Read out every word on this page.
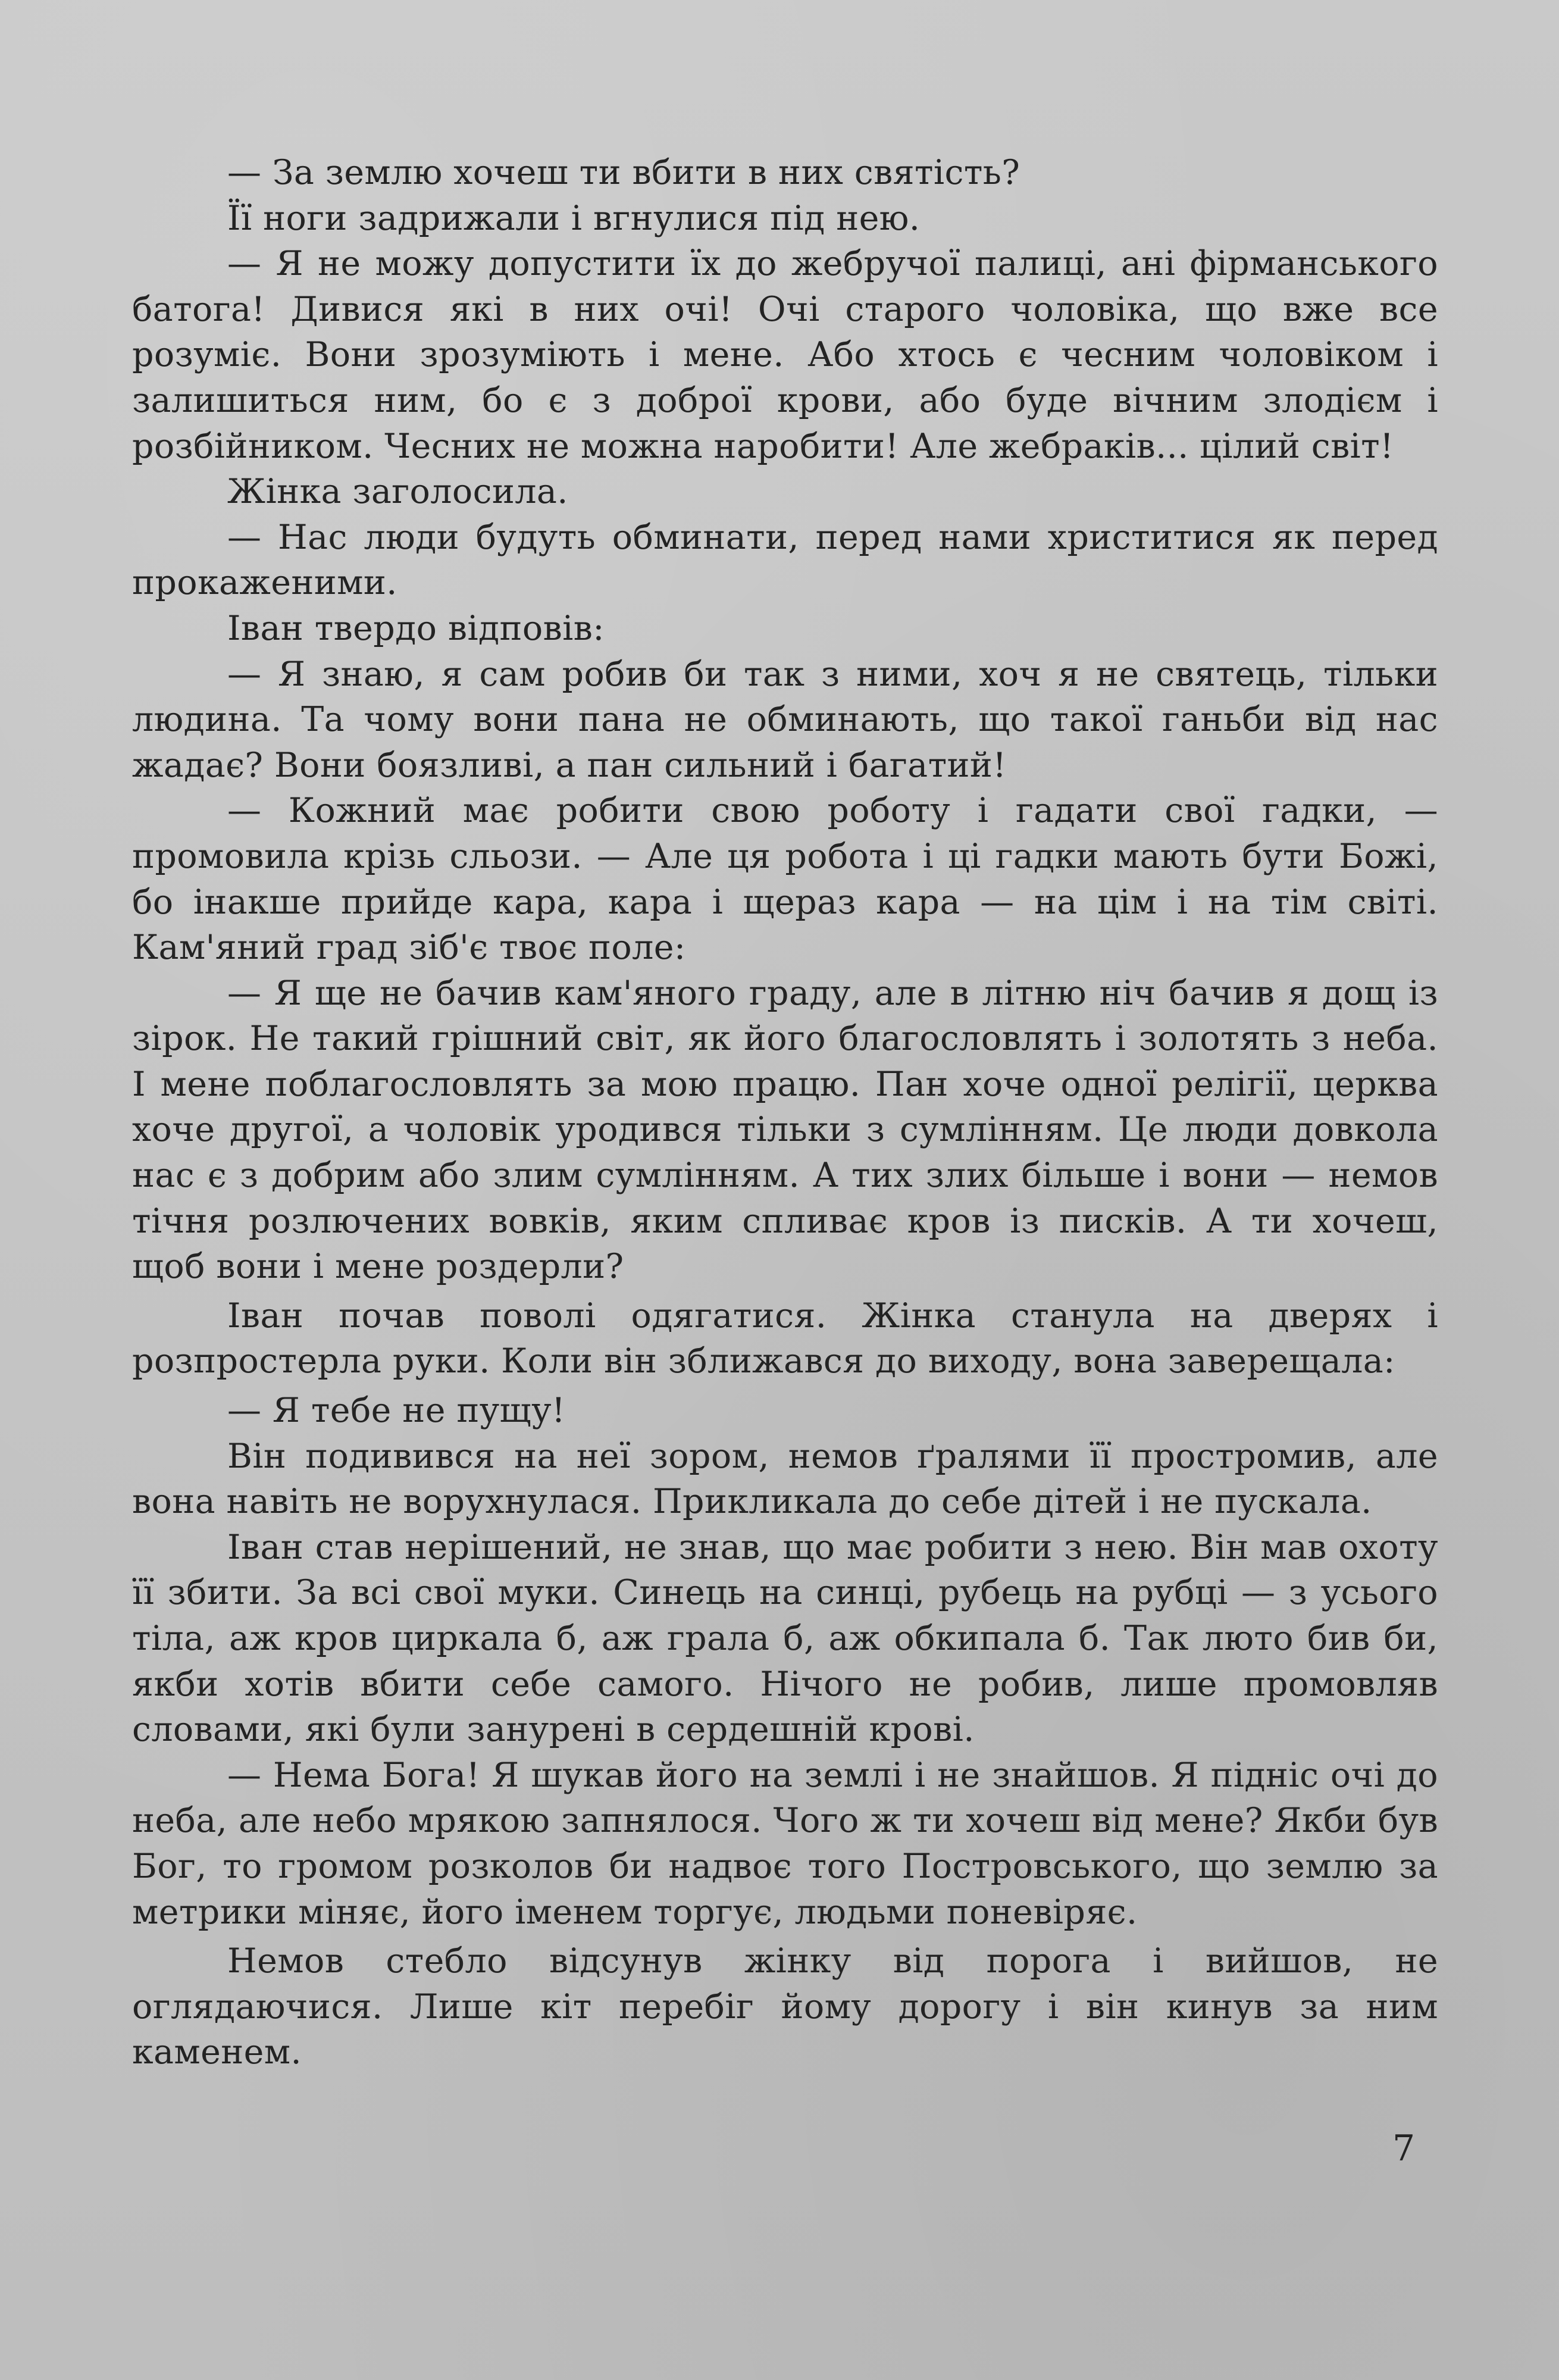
— За землю хочеш ти вбити в них святість?

Її ноги задрижали і вгнулися під нею.

— Я не можу допустити їх до жебручої палиці, ані фірманського батога! Дивися які в них очі! Очі старого чоловіка, що вже все розуміє. Вони зрозуміють і мене. Або хтось є чесним чоловіком і залишиться ним, бо є з доброї крови, або буде вічним злодієм і розбійником. Чесних не можна наробити! Але жебраків... цілий світ!

Жінка заголосила.

— Нас люди будуть обминати, перед нами христитися як перед прокаженими.

Іван твердо відповів:

— Я знаю, я сам робив би так з ними, хоч я не святець, тільки людина. Та чому вони пана не обминають, що такої ганьби від нас жадає? Вони боязливі, а пан сильний і багатий!

— Кожний має робити свою роботу і гадати свої гадки, — промовила крізь сльози. — Але ця робота і ці гадки мають бути Божі, бо інакше прийде кара, кара і щераз кара — на цім і на тім світі. Кам'яний град зіб'є твоє поле:

— Я ще не бачив кам'яного граду, але в літню ніч бачив я дощ із зірок. Не такий грішний світ, як його благословлять і золотять з неба. І мене поблагословлять за мою працю. Пан хоче одної релігії, церква хоче другої, а чоловік уродився тільки з сумлінням. Це люди довкола нас є з добрим або злим сумлінням. А тих злих більше і вони — немов тічня розлючених вовків, яким спливає кров із писків. А ти хочеш, щоб вони і мене роздерли?

Іван почав поволі одягатися. Жінка станула на дверях і розпростерла руки. Коли він зближався до виходу, вона заверещала:

— Я тебе не пущу!

Він подивився на неї зором, немов ґралями її простромив, але вона навіть не ворухнулася. Прикликала до себе дітей і не пускала.

Іван став нерішений, не знав, що має робити з нею. Він мав охоту її збити. За всі свої муки. Синець на синці, рубець на рубці — з усього тіла, аж кров циркала б, аж грала б, аж обкипала б. Так люто бив би, якби хотів вбити себе самого. Нічого не робив, лише промовляв словами, які були занурені в сердешній крові.

— Нема Бога! Я шукав його на землі і не знайшов. Я підніс очі до неба, але небо мрякою запнялося. Чого ж ти хочеш від мене? Якби був Бог, то громом розколов би надвоє того Постровського, що землю за метрики міняє, його іменем торгує, людьми поневіряє.

Немов стебло відсунув жінку від порога і вийшов, не оглядаючися. Лише кіт перебіг йому дорогу і він кинув за ним каменем.

7
